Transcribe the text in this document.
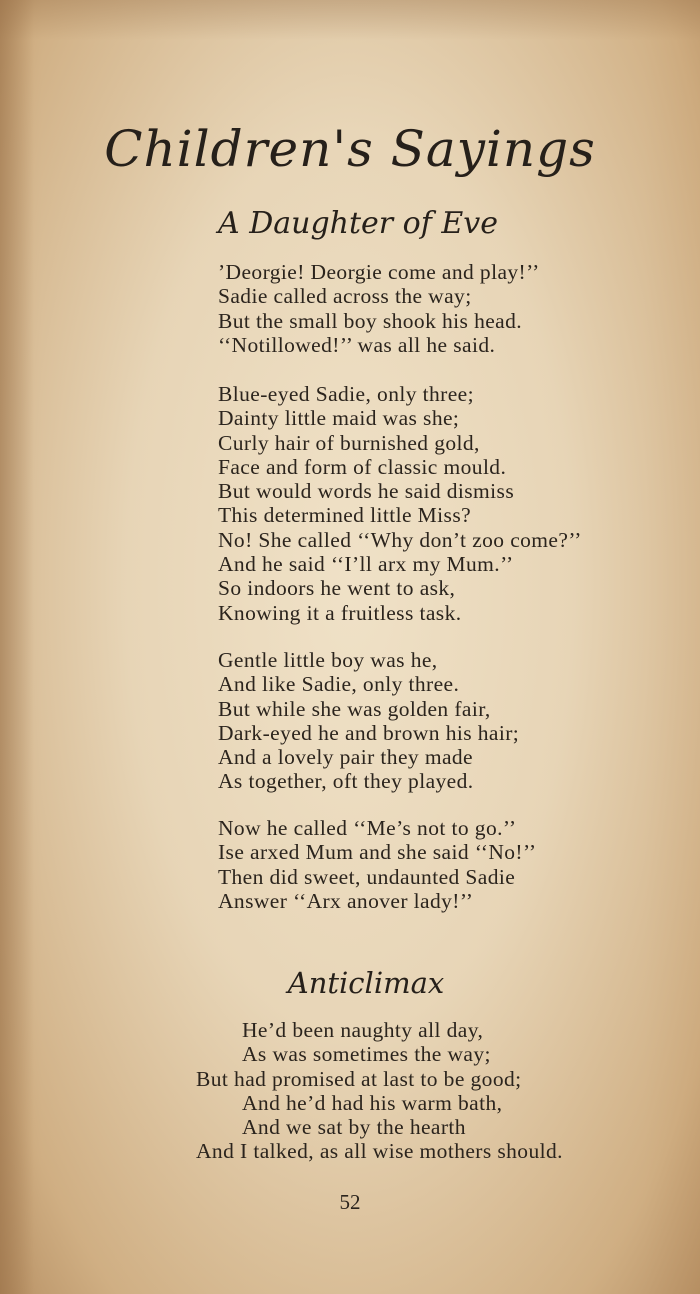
Children's Sayings
A Daughter of Eve
’Deorgie! Deorgie come and play!’’
Sadie called across the way;
But the small boy shook his head.
‘‘Notillowed!’’ was all he said.
Blue-eyed Sadie, only three;
Dainty little maid was she;
Curly hair of burnished gold,
Face and form of classic mould.
But would words he said dismiss
This determined little Miss?
No! She called ‘‘Why don’t zoo come?’’
And he said ‘‘I’ll arx my Mum.’’
So indoors he went to ask,
Knowing it a fruitless task.
Gentle little boy was he,
And like Sadie, only three.
But while she was golden fair,
Dark-eyed he and brown his hair;
And a lovely pair they made
As together, oft they played.
Now he called ‘‘Me’s not to go.’’
Ise arxed Mum and she said ‘‘No!’’
Then did sweet, undaunted Sadie
Answer ‘‘Arx anover lady!’’
Anticlimax
He’d been naughty all day,
As was sometimes the way;
But had promised at last to be good;
And he’d had his warm bath,
And we sat by the hearth
And I talked, as all wise mothers should.
52
